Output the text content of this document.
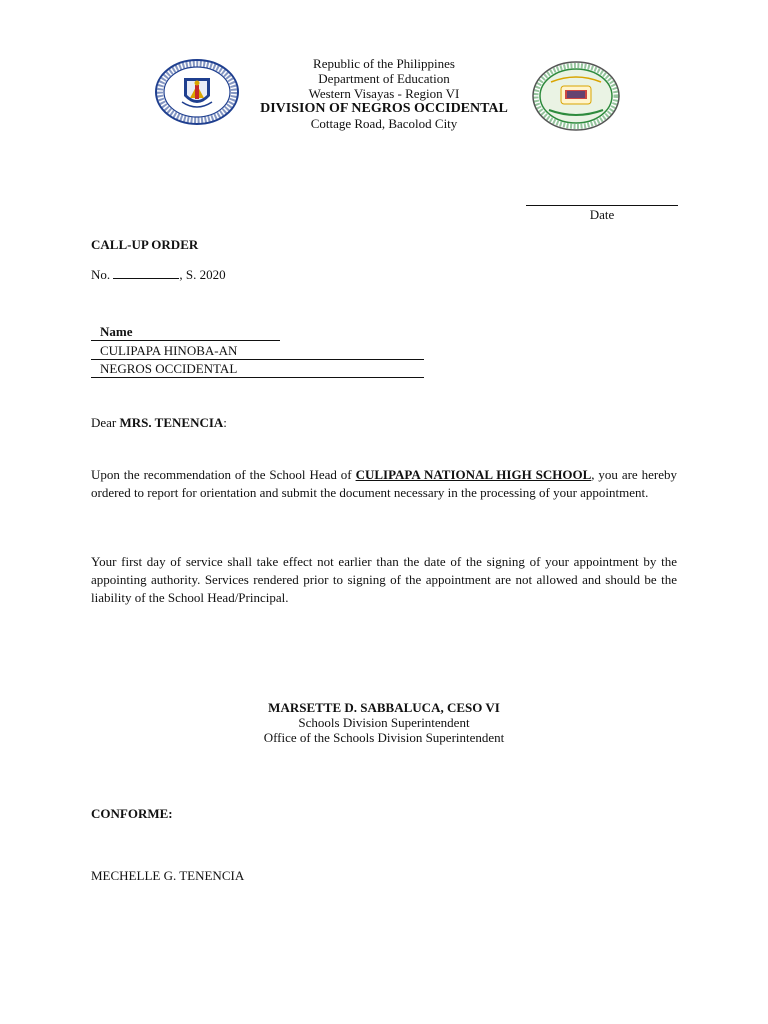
Republic of the Philippines
Department of Education
Western Visayas - Region VI
DIVISION OF NEGROS OCCIDENTAL
Cottage Road, Bacolod City
Date
CALL-UP ORDER
No.	, S. 2020
Name
CULIPAPA HINOBA-AN
NEGROS OCCIDENTAL
Dear MRS. TENENCIA:
Upon the recommendation of the School Head of CULIPAPA NATIONAL HIGH SCHOOL, you are hereby ordered to report for orientation and submit the document necessary in the processing of your appointment.
Your first day of service shall take effect not earlier than the date of the signing of your appointment by the appointing authority. Services rendered prior to signing of the appointment are not allowed and should be the liability of the School Head/Principal.
MARSETTE D. SABBALUCA, CESO VI
Schools Division Superintendent
Office of the Schools Division Superintendent
CONFORME:
MECHELLE G. TENENCIA
